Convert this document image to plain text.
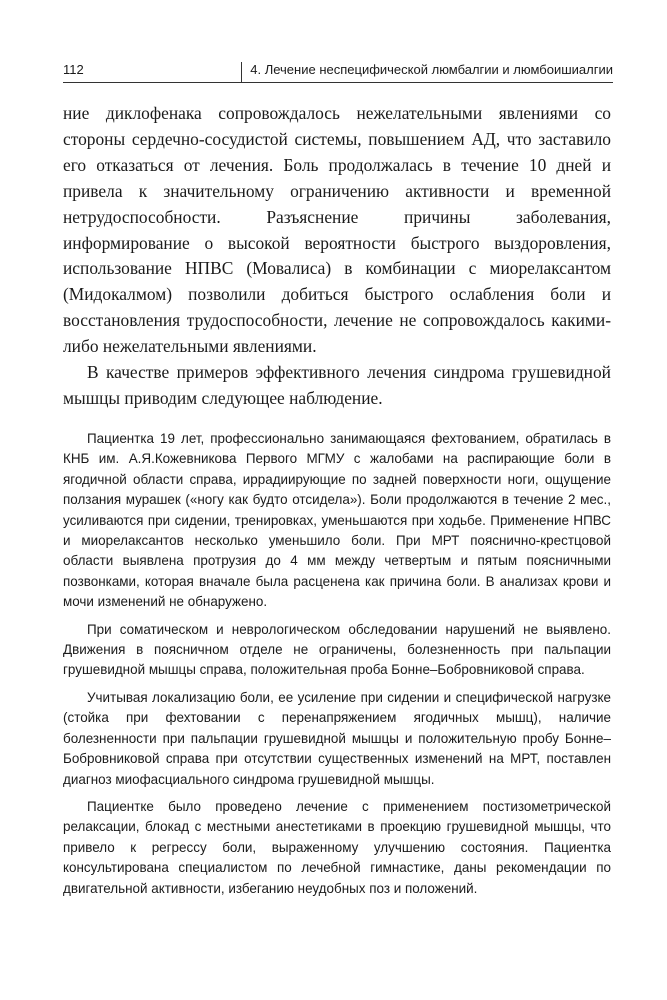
112	4. Лечение неспецифической люмбалгии и люмбоишиалгии

ние диклофенака сопровождалось нежелательными явлениями со стороны сердечно-сосудистой системы, повышением АД, что заставило его отказаться от лечения. Боль продолжалась в течение 10 дней и привела к значительному ограничению активности и временной нетрудоспособности. Разъяснение причины заболевания, информирование о высокой вероятности быстрого выздоровления, использование НПВС (Мовалиса) в комбинации с миорелаксантом (Мидокалмом) позволили добиться быстрого ослабления боли и восстановления трудоспособности, лечение не сопровождалось какими-либо нежелательными явлениями.

В качестве примеров эффективного лечения синдрома грушевидной мышцы приводим следующее наблюдение.

Пациентка 19 лет, профессионально занимающаяся фехтованием, обратилась в КНБ им. А.Я.Кожевникова Первого МГМУ с жалобами на распирающие боли в ягодичной области справа, иррадиирующие по задней поверхности ноги, ощущение ползания мурашек («ногу как будто отсидела»). Боли продолжаются в течение 2 мес., усиливаются при сидении, тренировках, уменьшаются при ходьбе. Применение НПВС и миорелаксантов несколько уменьшило боли. При МРТ пояснично-крестцовой области выявлена протрузия до 4 мм между четвертым и пятым поясничными позвонками, которая вначале была расценена как причина боли. В анализах крови и мочи изменений не обнаружено.

При соматическом и неврологическом обследовании нарушений не выявлено. Движения в поясничном отделе не ограничены, болезненность при пальпации грушевидной мышцы справа, положительная проба Бонне–Бобровниковой справа.

Учитывая локализацию боли, ее усиление при сидении и специфической нагрузке (стойка при фехтовании с перенапряжением ягодичных мышц), наличие болезненности при пальпации грушевидной мышцы и положительную пробу Бонне–Бобровниковой справа при отсутствии существенных изменений на МРТ, поставлен диагноз миофасциального синдрома грушевидной мышцы.

Пациентке было проведено лечение с применением постизометрической релаксации, блокад с местными анестетиками в проекцию грушевидной мышцы, что привело к регрессу боли, выраженному улучшению состояния. Пациентка консультирована специалистом по лечебной гимнастике, даны рекомендации по двигательной активности, избеганию неудобных поз и положений.
